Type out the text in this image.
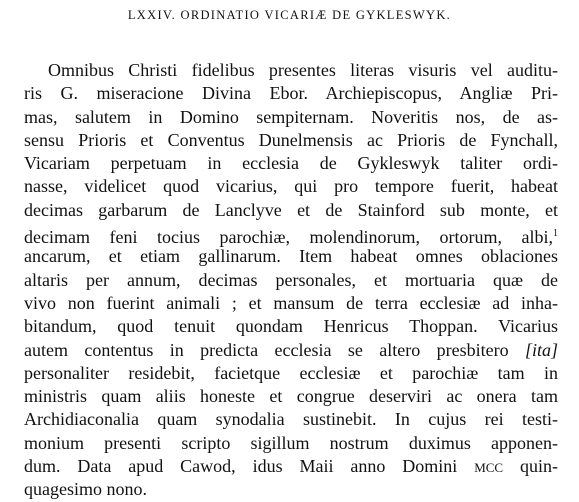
LXXIV. ORDINATIO VICARIÆ DE GYKLESWYK.
Omnibus Christi fidelibus presentes literas visuris vel auditu-
ris G. miseracione Divina Ebor. Archiepiscopus, Angliæ Pri-
mas, salutem in Domino sempiternam. Noveritis nos, de as-
sensu Prioris et Conventus Dunelmensis ac Prioris de Fynchall,
Vicariam perpetuam in ecclesia de Gykleswyk taliter ordi-
nasse, videlicet quod vicarius, qui pro tempore fuerit, habeat
decimas garbarum de Lanclyve et de Stainford sub monte, et
decimam feni tocius parochiæ, molendinorum, ortorum, albi,$^1$
ancarum, et etiam gallinarum. Item habeat omnes oblaciones
altaris per annum, decimas personales, et mortuaria quæ de
vivo non fuerint animali ; et mansum de terra ecclesiæ ad inha-
bitandum, quod tenuit quondam Henricus Thoppan. Vicarius
autem contentus in predicta ecclesia se altero presbitero [ita]
personaliter residebit, facietque ecclesiæ et parochiæ tam in
ministris quam aliis honeste et congrue deserviri ac onera tam
Archidiaconalia quam synodalia sustinebit. In cujus rei testi-
monium presenti scripto sigillum nostrum duximus apponen-
dum. Data apud Cawod, idus Maii anno Domini mcc quin-
quagesimo nono.
